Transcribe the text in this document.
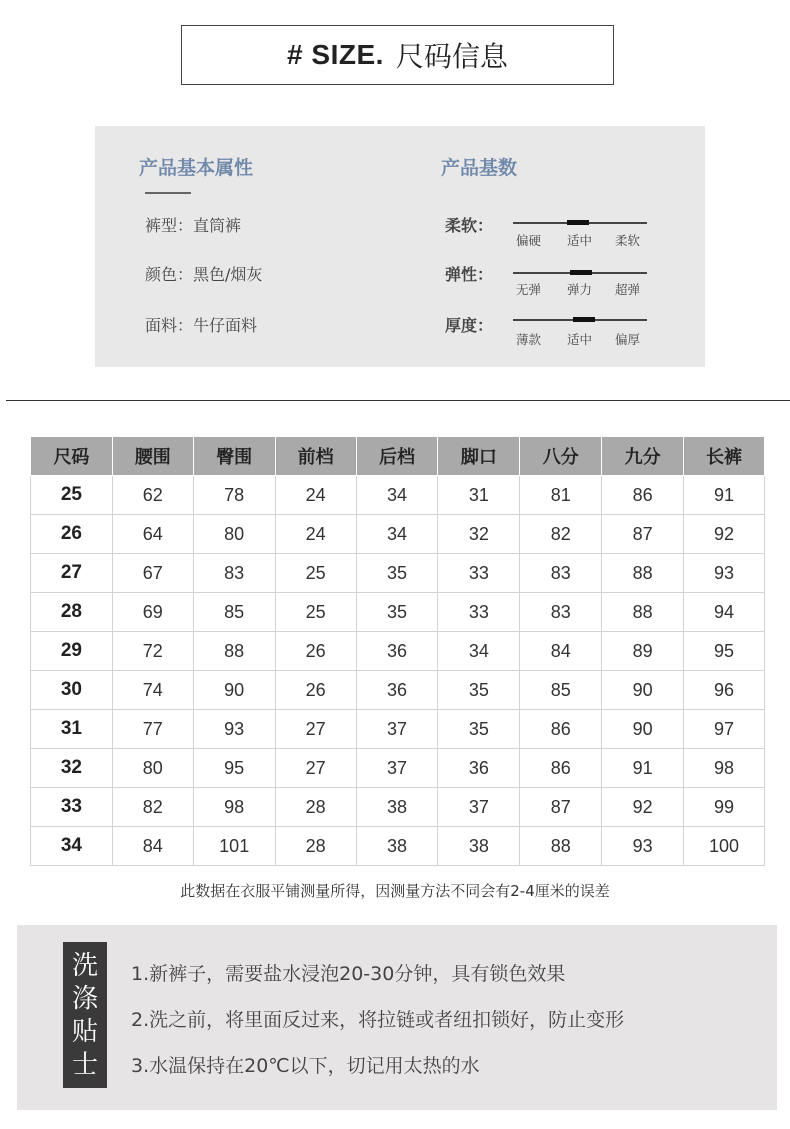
# SIZE. 尺码信息
产品基本属性
裤型：直筒裤
颜色：黑色/烟灰
面料：牛仔面料
产品基数
柔软：
偏硬 适中 柔软
弹性：
无弹 弹力 超弹
厚度：
薄款 适中 偏厚
尺码	腰围	臀围	前档	后档	脚口	八分	九分	长裤
25	62	78	24	34	31	81	86	91
26	64	80	24	34	32	82	87	92
27	67	83	25	35	33	83	88	93
28	69	85	25	35	33	83	88	94
29	72	88	26	36	34	84	89	95
30	74	90	26	36	35	85	90	96
31	77	93	27	37	35	86	90	97
32	80	95	27	37	36	86	91	98
33	82	98	28	38	37	87	92	99
34	84	101	28	38	38	88	93	100
此数据在衣服平铺测量所得，因测量方法不同会有2-4厘米的误差
洗
涤
贴
士
1.新裤子，需要盐水浸泡20-30分钟，具有锁色效果
2.洗之前，将里面反过来，将拉链或者纽扣锁好，防止变形
3.水温保持在20℃以下，切记用太热的水
